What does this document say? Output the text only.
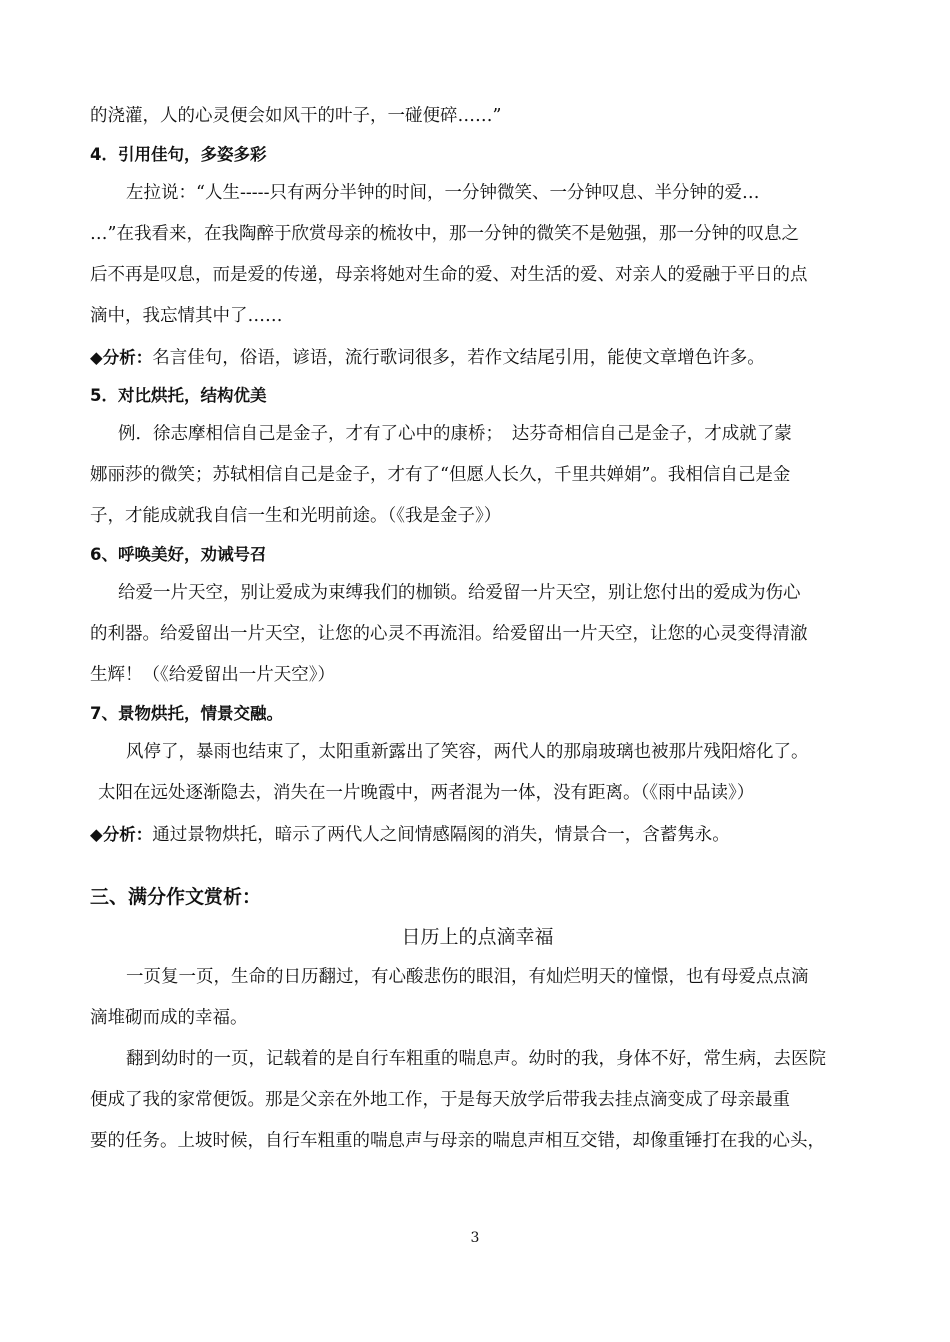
的浇灌，人的心灵便会如风干的叶子，一碰便碎……”
4．引用佳句，多姿多彩
左拉说：“人生-----只有两分半钟的时间，一分钟微笑、一分钟叹息、半分钟的爱…
…”在我看来，在我陶醉于欣赏母亲的梳妆中，那一分钟的微笑不是勉强，那一分钟的叹息之
后不再是叹息，而是爱的传递，母亲将她对生命的爱、对生活的爱、对亲人的爱融于平日的点
滴中，我忘情其中了……
◆分析：名言佳句，俗语，谚语，流行歌词很多，若作文结尾引用，能使文章增色许多。
5．对比烘托，结构优美
例．徐志摩相信自己是金子，才有了心中的康桥；　达芬奇相信自己是金子，才成就了蒙
娜丽莎的微笑；苏轼相信自己是金子，才有了“但愿人长久，千里共婵娟”。我相信自己是金
子，才能成就我自信一生和光明前途。（《我是金子》）
6、呼唤美好，劝诫号召
给爱一片天空，别让爱成为束缚我们的枷锁。给爱留一片天空，别让您付出的爱成为伤心
的利器。给爱留出一片天空，让您的心灵不再流泪。给爱留出一片天空，让您的心灵变得清澈
生辉！（《给爱留出一片天空》）
7、景物烘托，情景交融。
风停了，暴雨也结束了，太阳重新露出了笑容，两代人的那扇玻璃也被那片残阳熔化了。
太阳在远处逐渐隐去，消失在一片晚霞中，两者混为一体，没有距离。（《雨中品读》）
◆分析：通过景物烘托，暗示了两代人之间情感隔阂的消失，情景合一，含蓄隽永。
三、满分作文赏析：
日历上的点滴幸福
一页复一页，生命的日历翻过，有心酸悲伤的眼泪，有灿烂明天的憧憬，也有母爱点点滴
滴堆砌而成的幸福。
翻到幼时的一页，记载着的是自行车粗重的喘息声。幼时的我，身体不好，常生病，去医院
便成了我的家常便饭。那是父亲在外地工作，于是每天放学后带我去挂点滴变成了母亲最重
要的任务。上坡时候，自行车粗重的喘息声与母亲的喘息声相互交错，却像重锤打在我的心头，
3
